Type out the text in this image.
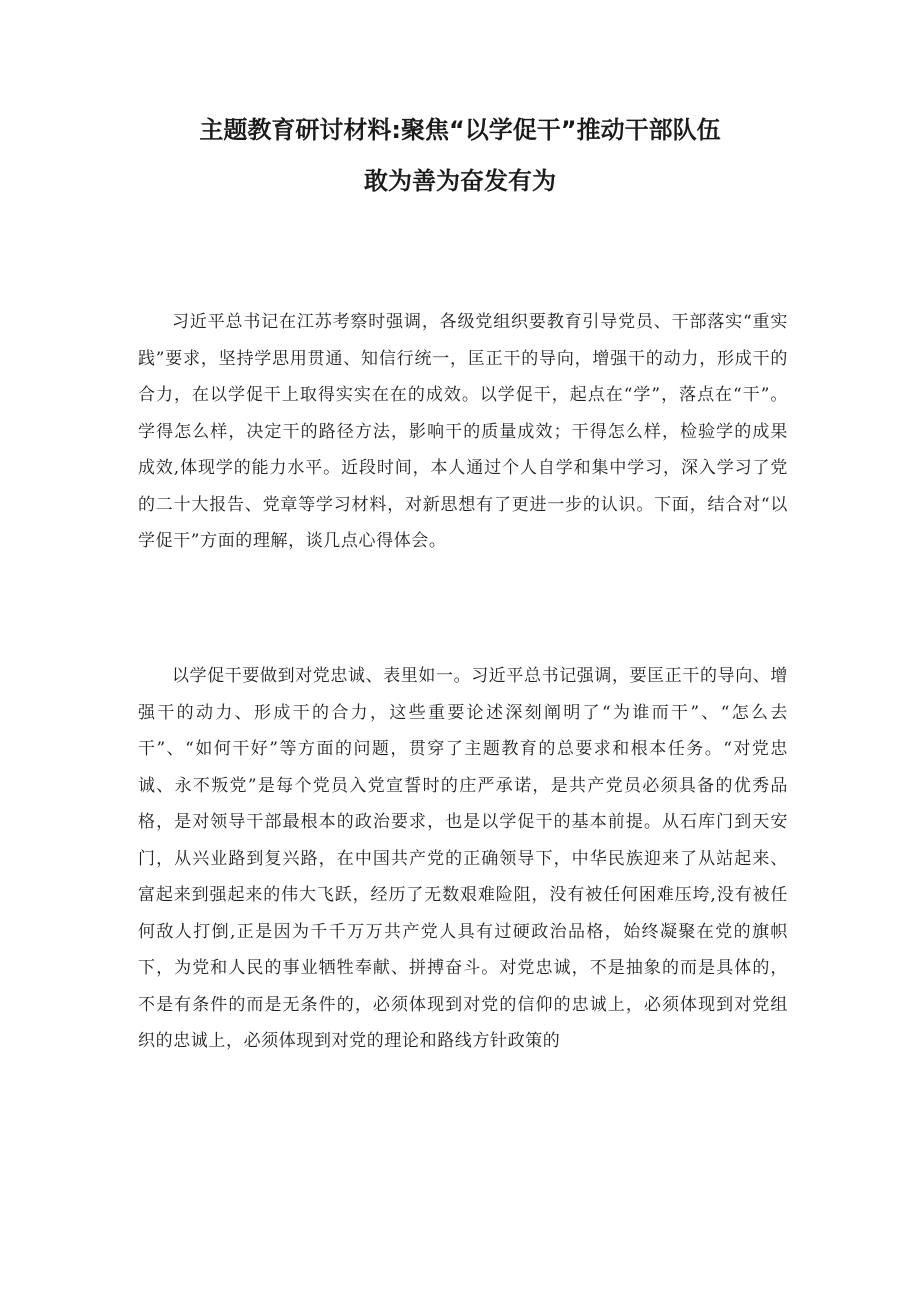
主题教育研讨材料:聚焦“以学促干”推动干部队伍
敢为善为奋发有为

习近平总书记在江苏考察时强调，各级党组织要教育引导党员、干部落实“重实践”要求，坚持学思用贯通、知信行统一，匡正干的导向，增强干的动力，形成干的合力，在以学促干上取得实实在在的成效。以学促干，起点在“学”，落点在“干”。学得怎么样，决定干的路径方法，影响干的质量成效；干得怎么样，检验学的成果成效,体现学的能力水平。近段时间，本人通过个人自学和集中学习，深入学习了党的二十大报告、党章等学习材料，对新思想有了更进一步的认识。下面，结合对“以学促干”方面的理解，谈几点心得体会。

以学促干要做到对党忠诚、表里如一。习近平总书记强调，要匡正干的导向、增强干的动力、形成干的合力，这些重要论述深刻阐明了“为谁而干”、“怎么去干”、“如何干好”等方面的问题，贯穿了主题教育的总要求和根本任务。“对党忠诚、永不叛党”是每个党员入党宣誓时的庄严承诺，是共产党员必须具备的优秀品格，是对领导干部最根本的政治要求，也是以学促干的基本前提。从石库门到天安门，从兴业路到复兴路，在中国共产党的正确领导下，中华民族迎来了从站起来、富起来到强起来的伟大飞跃，经历了无数艰难险阻，没有被任何困难压垮,没有被任何敌人打倒,正是因为千千万万共产党人具有过硬政治品格，始终凝聚在党的旗帜下，为党和人民的事业牺牲奉献、拼搏奋斗。对党忠诚，不是抽象的而是具体的，不是有条件的而是无条件的，必须体现到对党的信仰的忠诚上，必须体现到对党组织的忠诚上，必须体现到对党的理论和路线方针政策的
